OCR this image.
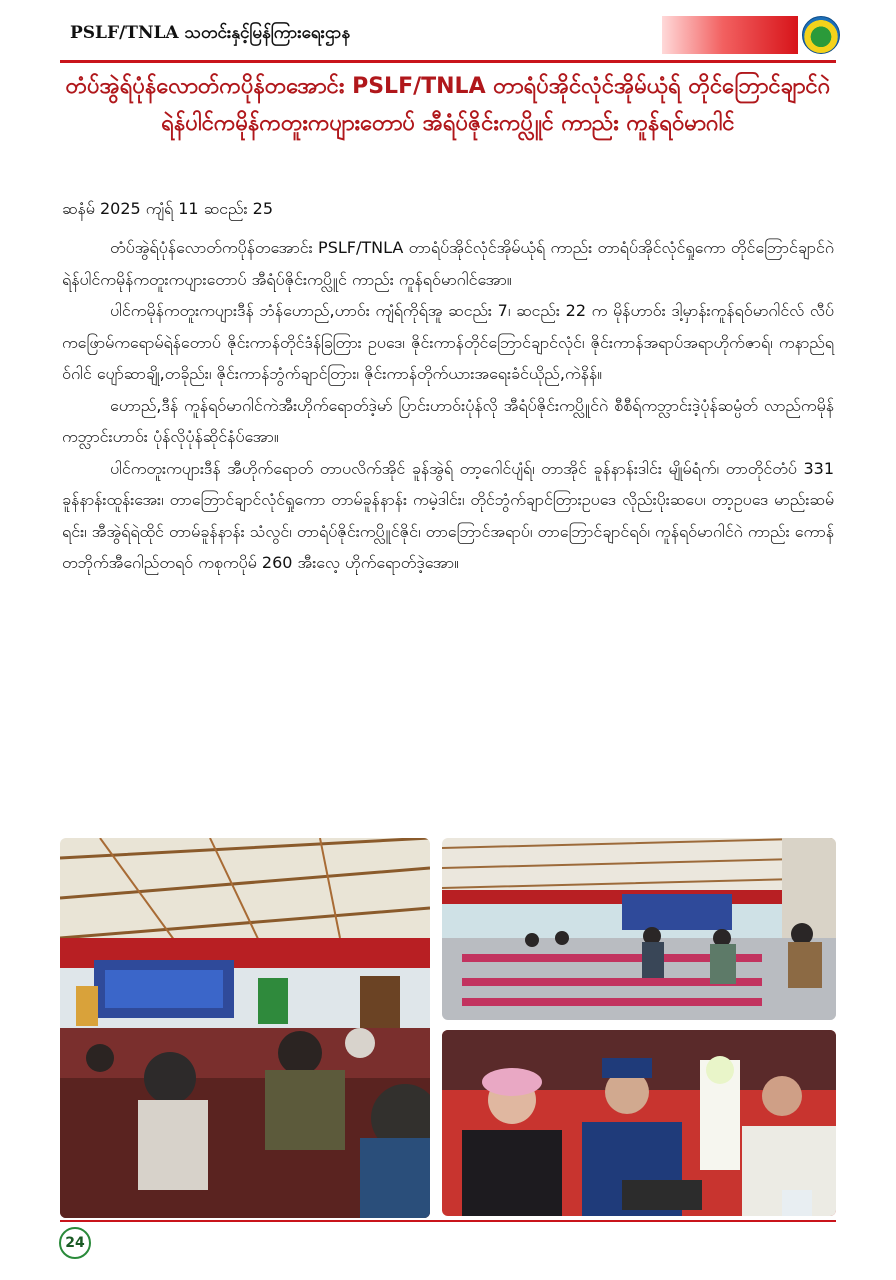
PSLF/TNLA သတင်းနှင့်မြန်ကြားရေးဌာန
တံပ်အွဲရ်ပုံန်လောတ်ကပိုန်တအောင်း PSLF/TNLA တာရံပ်အိုင်လုံင်အိုမ်ယုံရ် တိုင်ဘြောင်ချာင်ဂဲ ရဲန်ပါင်ကမိုန်ကတူးကပျားတောပ် အီရံပ်ဇိုင်းကပ္လိူင် ကာည်း ကူန်ရဝ်မာဂါင်
ဆနံမ် 2025 ကျံရ် 11 ဆငည်း 25

တံပ်အွဲရ်ပုံန်လောတ်ကပိုန်တအောင်း PSLF/TNLA တာရံပ်အိုင်လုံင်အိုမ်ယုံရ် ကာည်း တာရံပ်အိုင်လုံင်ရှုကော တိုင်ဘြောင်ချာင်ဂဲ ရဲန်ပါင်ကမိုန်ကတူးကပျားတောပ် အီရံပ်ဇိုင်းကပ္လိူင် ကာည်း ကူန်ရဝ်မာဂါင်အော။

ပါင်ကမိုန်ကတူးကပျားဒီန် ဘံန်ဟောည်,ဟာဝ်း ကျံရ်ကိုရ်အူ ဆငည်း 7၊ ဆငည်း 22 က မိုန်ဟာဝ်း ဒါ့မှာန်းကူန်ရဝ်မာဂါင်လ် လီပ်ကဖြောမ်ကရောမ်ရဲန်တောပ် ဇိုင်းကာန်တိုင်ဒံန်ခြတြား ဥပဒေ၊ ဇိုင်းကာန်တိုင်ဘြောင်ချာင်လုံင်၊ ဇိုင်းကာန်အရာပ်အရာဟိုက်ဇာရ်၊ ကနာည်ရဝ်ဂါင် ပျော်ဆာချို,တခိုည်း၊ ဇိုင်းကာန်ဘွံက်ချာင်တြား၊ ဇိုင်းကာန်တိုက်ယားအရေးခံင်ယိုည်,ကဲနိန်။

ဟောည်,ဒီန် ကူန်ရဝ်မာဂါင်ကဲအီးဟိုက်ရောတ်ဒဲ့မာ် ပြာင်းဟာဝ်းပုံန်လို အီရံပ်ဇိုင်းကပ္လိူင်ဂဲ စီစီရ်ကဘ္လာင်းဒဲ့ပုံန်ဆမ္ပံတ် လာည်ကမိုန်ကဘ္လာင်းဟာဝ်း ပုံန်လိုပုံန်ဆိုင်နံပ်အော။

ပါင်ကတူးကပျားဒီန် အီဟိုက်ရောတ် တာပလိက်အိုင် ခူန်အွဲရ် တာ့ဂေါင်ပျံရ်၊ တာအိုင် ခူန်နာန်းဒါင်း မျိုမ်ရံက်၊ တာတိုင်တံပ် 331 ခူန်နာန်းထူန်းအေး၊ တာဘြောင်ချာင်လုံင်ရှုကော တာမ်ခူန်နာန်း ကမဲ့ဒါင်း၊ တိုင်ဘွံက်ချာင်တြားဥပဒေ လိုည်းပိုးဆပေ၊ တာ့ဥပဒေ မာည်းဆမ်ရင်း၊ အီအွဲရ်ရဲထိုင် တာမ်ခူန်နာန်း သံလွင်၊ တာရံပ်ဇိုင်းကပ္လိူင်ဇိုင်၊ တာဘြောင်အရာပ်၊ တာဘြောင်ချာင်ရဝ်၊ ကူန်ရဝ်မာဂါင်ဂဲ ကာည်း ကောန်တဘိုက်အီဂေါည်တရဝ် ကစုကပိုမ် 260 အီးလေ့ ဟိုက်ရောတ်ဒဲ့အော။

24
